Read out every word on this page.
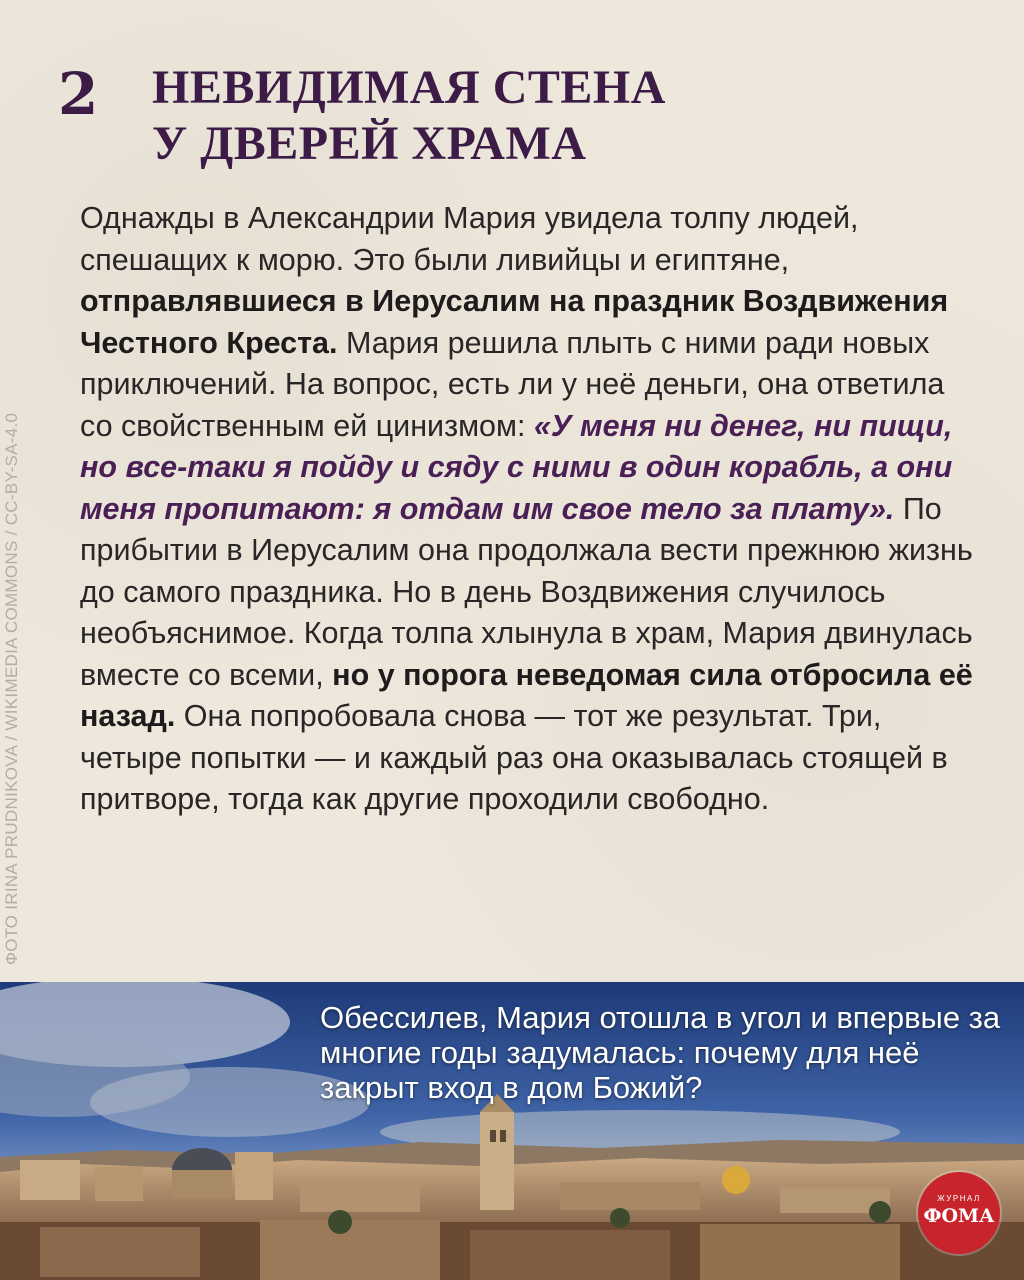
2 НЕВИДИМАЯ СТЕНА
У ДВЕРЕЙ ХРАМА
ФОТО IRINA PRUDNIKOVA / WIKIMEDIA COMMONS / CC-BY-SA-4.0

Однажды в Александрии Мария увидела толпу людей, спешащих к морю. Это были ливийцы и египтяне, отправлявшиеся в Иерусалим на праздник Воздвижения Честного Креста. Мария решила плыть с ними ради новых приключений. На вопрос, есть ли у неё деньги, она ответила со свойственным ей цинизмом: «У меня ни денег, ни пищи, но все-таки я пойду и сяду с ними в один корабль, а они меня пропитают: я отдам им свое тело за плату». По прибытии в Иерусалим она продолжала вести прежнюю жизнь до самого праздника. Но в день Воздвижения случилось необъяснимое. Когда толпа хлынула в храм, Мария двинулась вместе со всеми, но у порога неведомая сила отбросила её назад. Она попробовала снова — тот же результат. Три, четыре попытки — и каждый раз она оказывалась стоящей в притворе, тогда как другие проходили свободно.

Обессилев, Мария отошла в угол и впервые за многие годы задумалась: почему для неё закрыт вход в дом Божий?

ЖУРНАЛ
ФОМА
